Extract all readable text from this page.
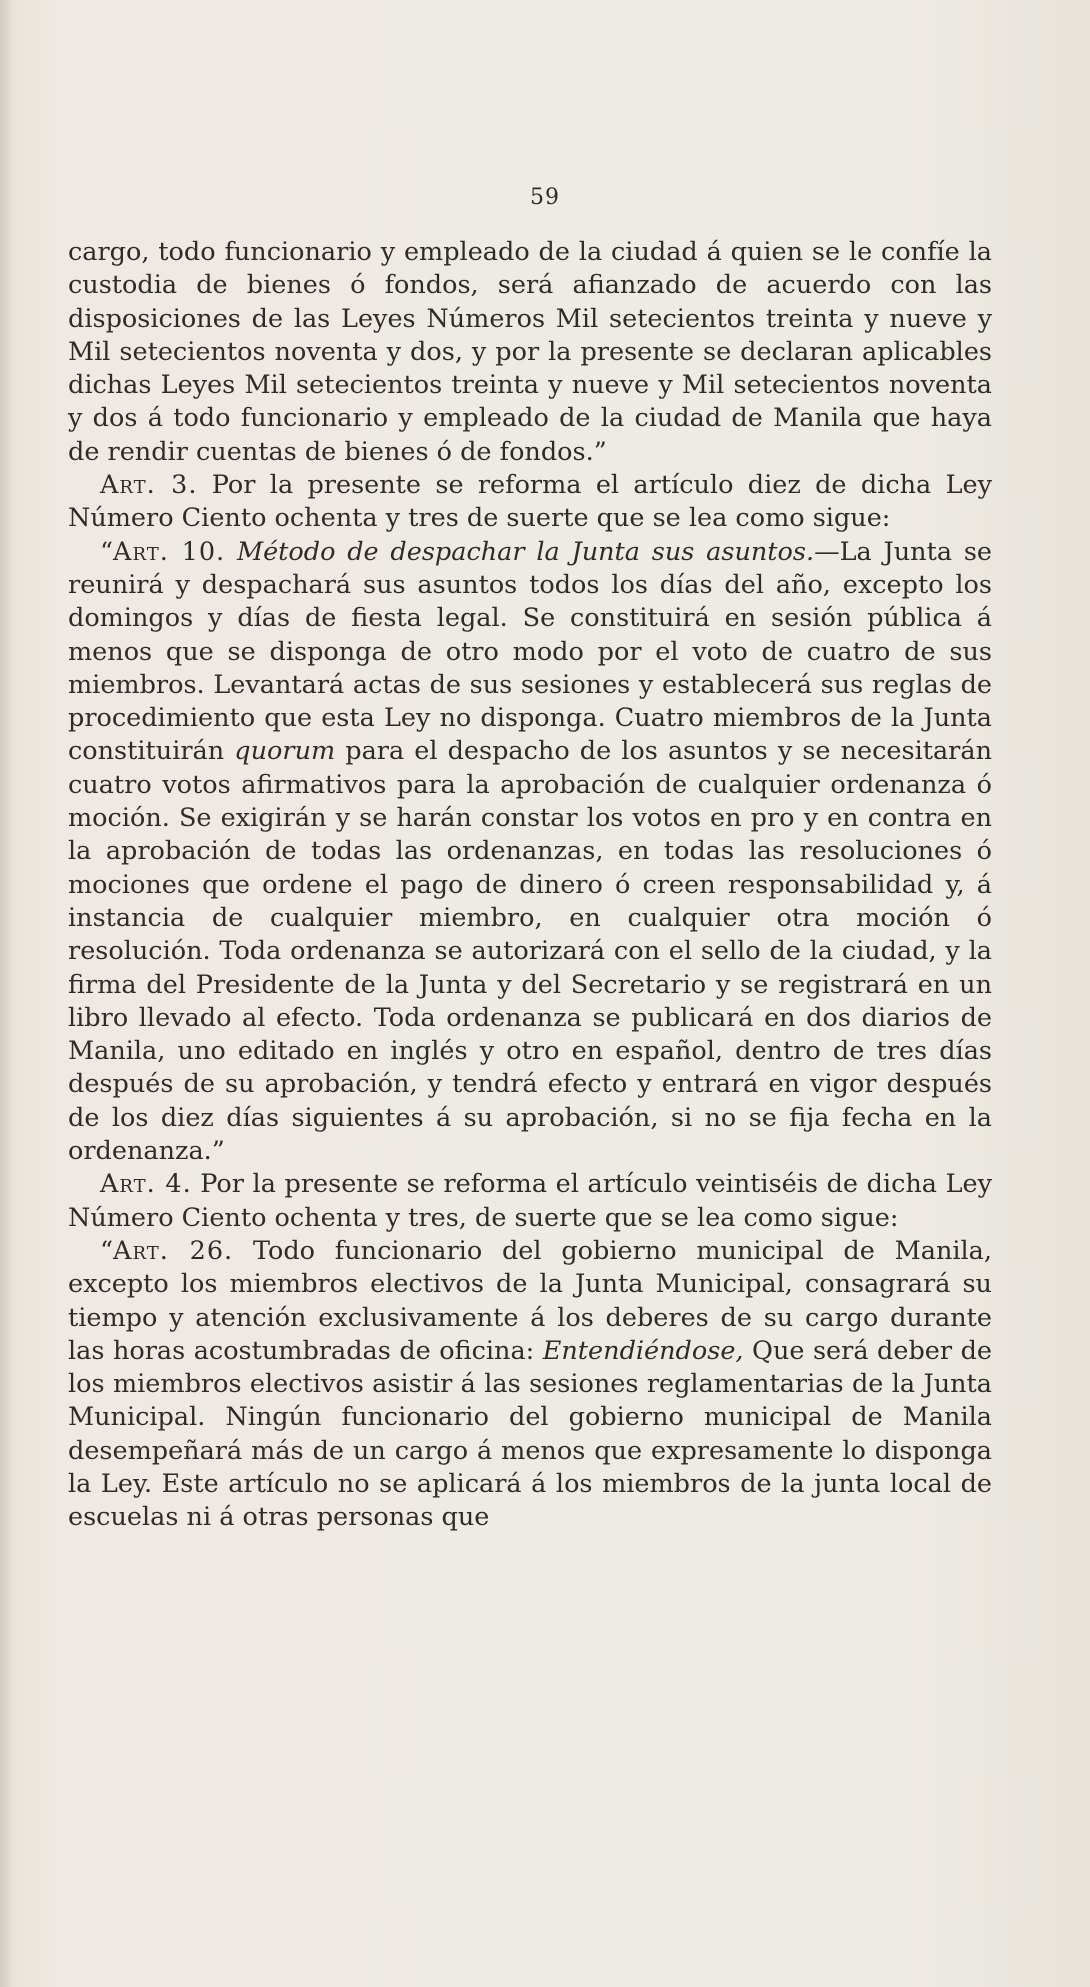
59

cargo, todo funcionario y empleado de la ciudad á quien se le confíe la custodia de bienes ó fondos, será afianzado de acuerdo con las disposiciones de las Leyes Números Mil setecientos treinta y nueve y Mil setecientos noventa y dos, y por la presente se declaran aplicables dichas Leyes Mil setecientos treinta y nueve y Mil setecientos noventa y dos á todo funcionario y empleado de la ciudad de Manila que haya de rendir cuentas de bienes ó de fondos.”

Art. 3. Por la presente se reforma el artículo diez de dicha Ley Número Ciento ochenta y tres de suerte que se lea como sigue:

“Art. 10. Método de despachar la Junta sus asuntos.—La Junta se reunirá y despachará sus asuntos todos los días del año, excepto los domingos y días de fiesta legal. Se constituirá en sesión pública á menos que se disponga de otro modo por el voto de cuatro de sus miembros. Levantará actas de sus sesiones y establecerá sus reglas de procedimiento que esta Ley no disponga. Cuatro miembros de la Junta constituirán quorum para el despacho de los asuntos y se necesitarán cuatro votos afirmativos para la aprobación de cualquier ordenanza ó moción. Se exigirán y se harán constar los votos en pro y en contra en la aprobación de todas las ordenanzas, en todas las resoluciones ó mociones que ordene el pago de dinero ó creen responsabilidad y, á instancia de cualquier miembro, en cualquier otra moción ó resolución. Toda ordenanza se autorizará con el sello de la ciudad, y la firma del Presidente de la Junta y del Secretario y se registrará en un libro llevado al efecto. Toda ordenanza se publicará en dos diarios de Manila, uno editado en inglés y otro en español, dentro de tres días después de su aprobación, y tendrá efecto y entrará en vigor después de los diez días siguientes á su aprobación, si no se fija fecha en la ordenanza.”

Art. 4. Por la presente se reforma el artículo veintiséis de dicha Ley Número Ciento ochenta y tres, de suerte que se lea como sigue:

“Art. 26. Todo funcionario del gobierno municipal de Manila, excepto los miembros electivos de la Junta Municipal, consagrará su tiempo y atención exclusivamente á los deberes de su cargo durante las horas acostumbradas de oficina: Entendiéndose, Que será deber de los miembros electivos asistir á las sesiones reglamentarias de la Junta Municipal. Ningún funcionario del gobierno municipal de Manila desempeñará más de un cargo á menos que expresamente lo disponga la Ley. Este artículo no se aplicará á los miembros de la junta local de escuelas ni á otras personas que
